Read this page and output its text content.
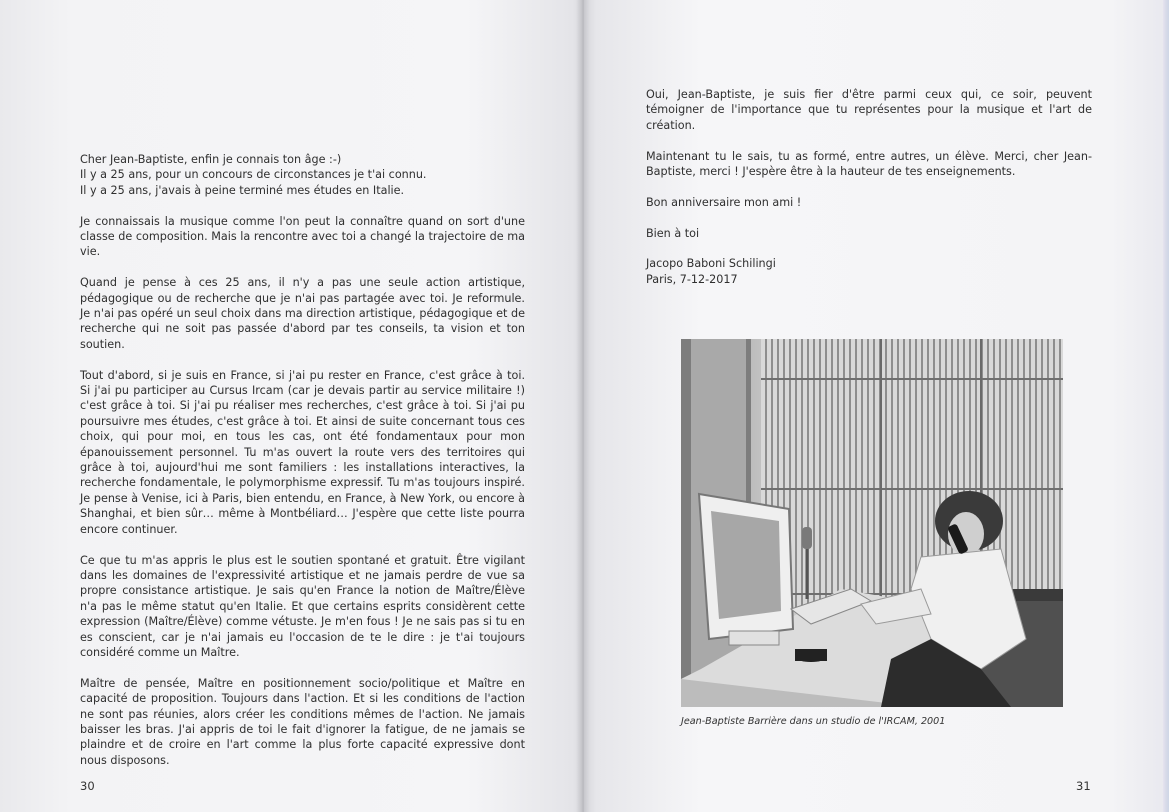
Cher Jean-Baptiste, enfin je connais ton âge :-)
Il y a 25 ans, pour un concours de circonstances je t'ai connu.
Il y a 25 ans, j'avais à peine terminé mes études en Italie.

Je connaissais la musique comme l'on peut la connaître quand on sort d'une classe de composition. Mais la rencontre avec toi a changé la trajectoire de ma vie.

Quand je pense à ces 25 ans, il n'y a pas une seule action artistique, pédagogique ou de recherche que je n'ai pas partagée avec toi. Je reformule. Je n'ai pas opéré un seul choix dans ma direction artistique, pédagogique et de recherche qui ne soit pas passée d'abord par tes conseils, ta vision et ton soutien.

Tout d'abord, si je suis en France, si j'ai pu rester en France, c'est grâce à toi. Si j'ai pu participer au Cursus Ircam (car je devais partir au service militaire !) c'est grâce à toi. Si j'ai pu réaliser mes recherches, c'est grâce à toi. Si j'ai pu poursuivre mes études, c'est grâce à toi. Et ainsi de suite concernant tous ces choix, qui pour moi, en tous les cas, ont été fondamentaux pour mon épanouissement personnel. Tu m'as ouvert la route vers des territoires qui grâce à toi, aujourd'hui me sont familiers : les installations interactives, la recherche fondamentale, le polymorphisme expressif. Tu m'as toujours inspiré. Je pense à Venise, ici à Paris, bien entendu, en France, à New York, ou encore à Shanghai, et bien sûr… même à Montbéliard… J'espère que cette liste pourra encore continuer.

Ce que tu m'as appris le plus est le soutien spontané et gratuit. Être vigilant dans les domaines de l'expressivité artistique et ne jamais perdre de vue sa propre consistance artistique. Je sais qu'en France la notion de Maître/Élève n'a pas le même statut qu'en Italie. Et que certains esprits considèrent cette expression (Maître/Élève) comme vétuste. Je m'en fous ! Je ne sais pas si tu en es conscient, car je n'ai jamais eu l'occasion de te le dire : je t'ai toujours considéré comme un Maître.

Maître de pensée, Maître en positionnement socio/politique et Maître en capacité de proposition. Toujours dans l'action. Et si les conditions de l'action ne sont pas réunies, alors créer les conditions mêmes de l'action. Ne jamais baisser les bras. J'ai appris de toi le fait d'ignorer la fatigue, de ne jamais se plaindre et de croire en l'art comme la plus forte capacité expressive dont nous disposons.

30

Oui, Jean-Baptiste, je suis fier d'être parmi ceux qui, ce soir, peuvent témoigner de l'importance que tu représentes pour la musique et l'art de création.

Maintenant tu le sais, tu as formé, entre autres, un élève. Merci, cher Jean-Baptiste, merci ! J'espère être à la hauteur de tes enseignements.

Bon anniversaire mon ami !

Bien à toi

Jacopo Baboni Schilingi
Paris, 7-12-2017

Jean-Baptiste Barrière dans un studio de l'IRCAM, 2001
31
